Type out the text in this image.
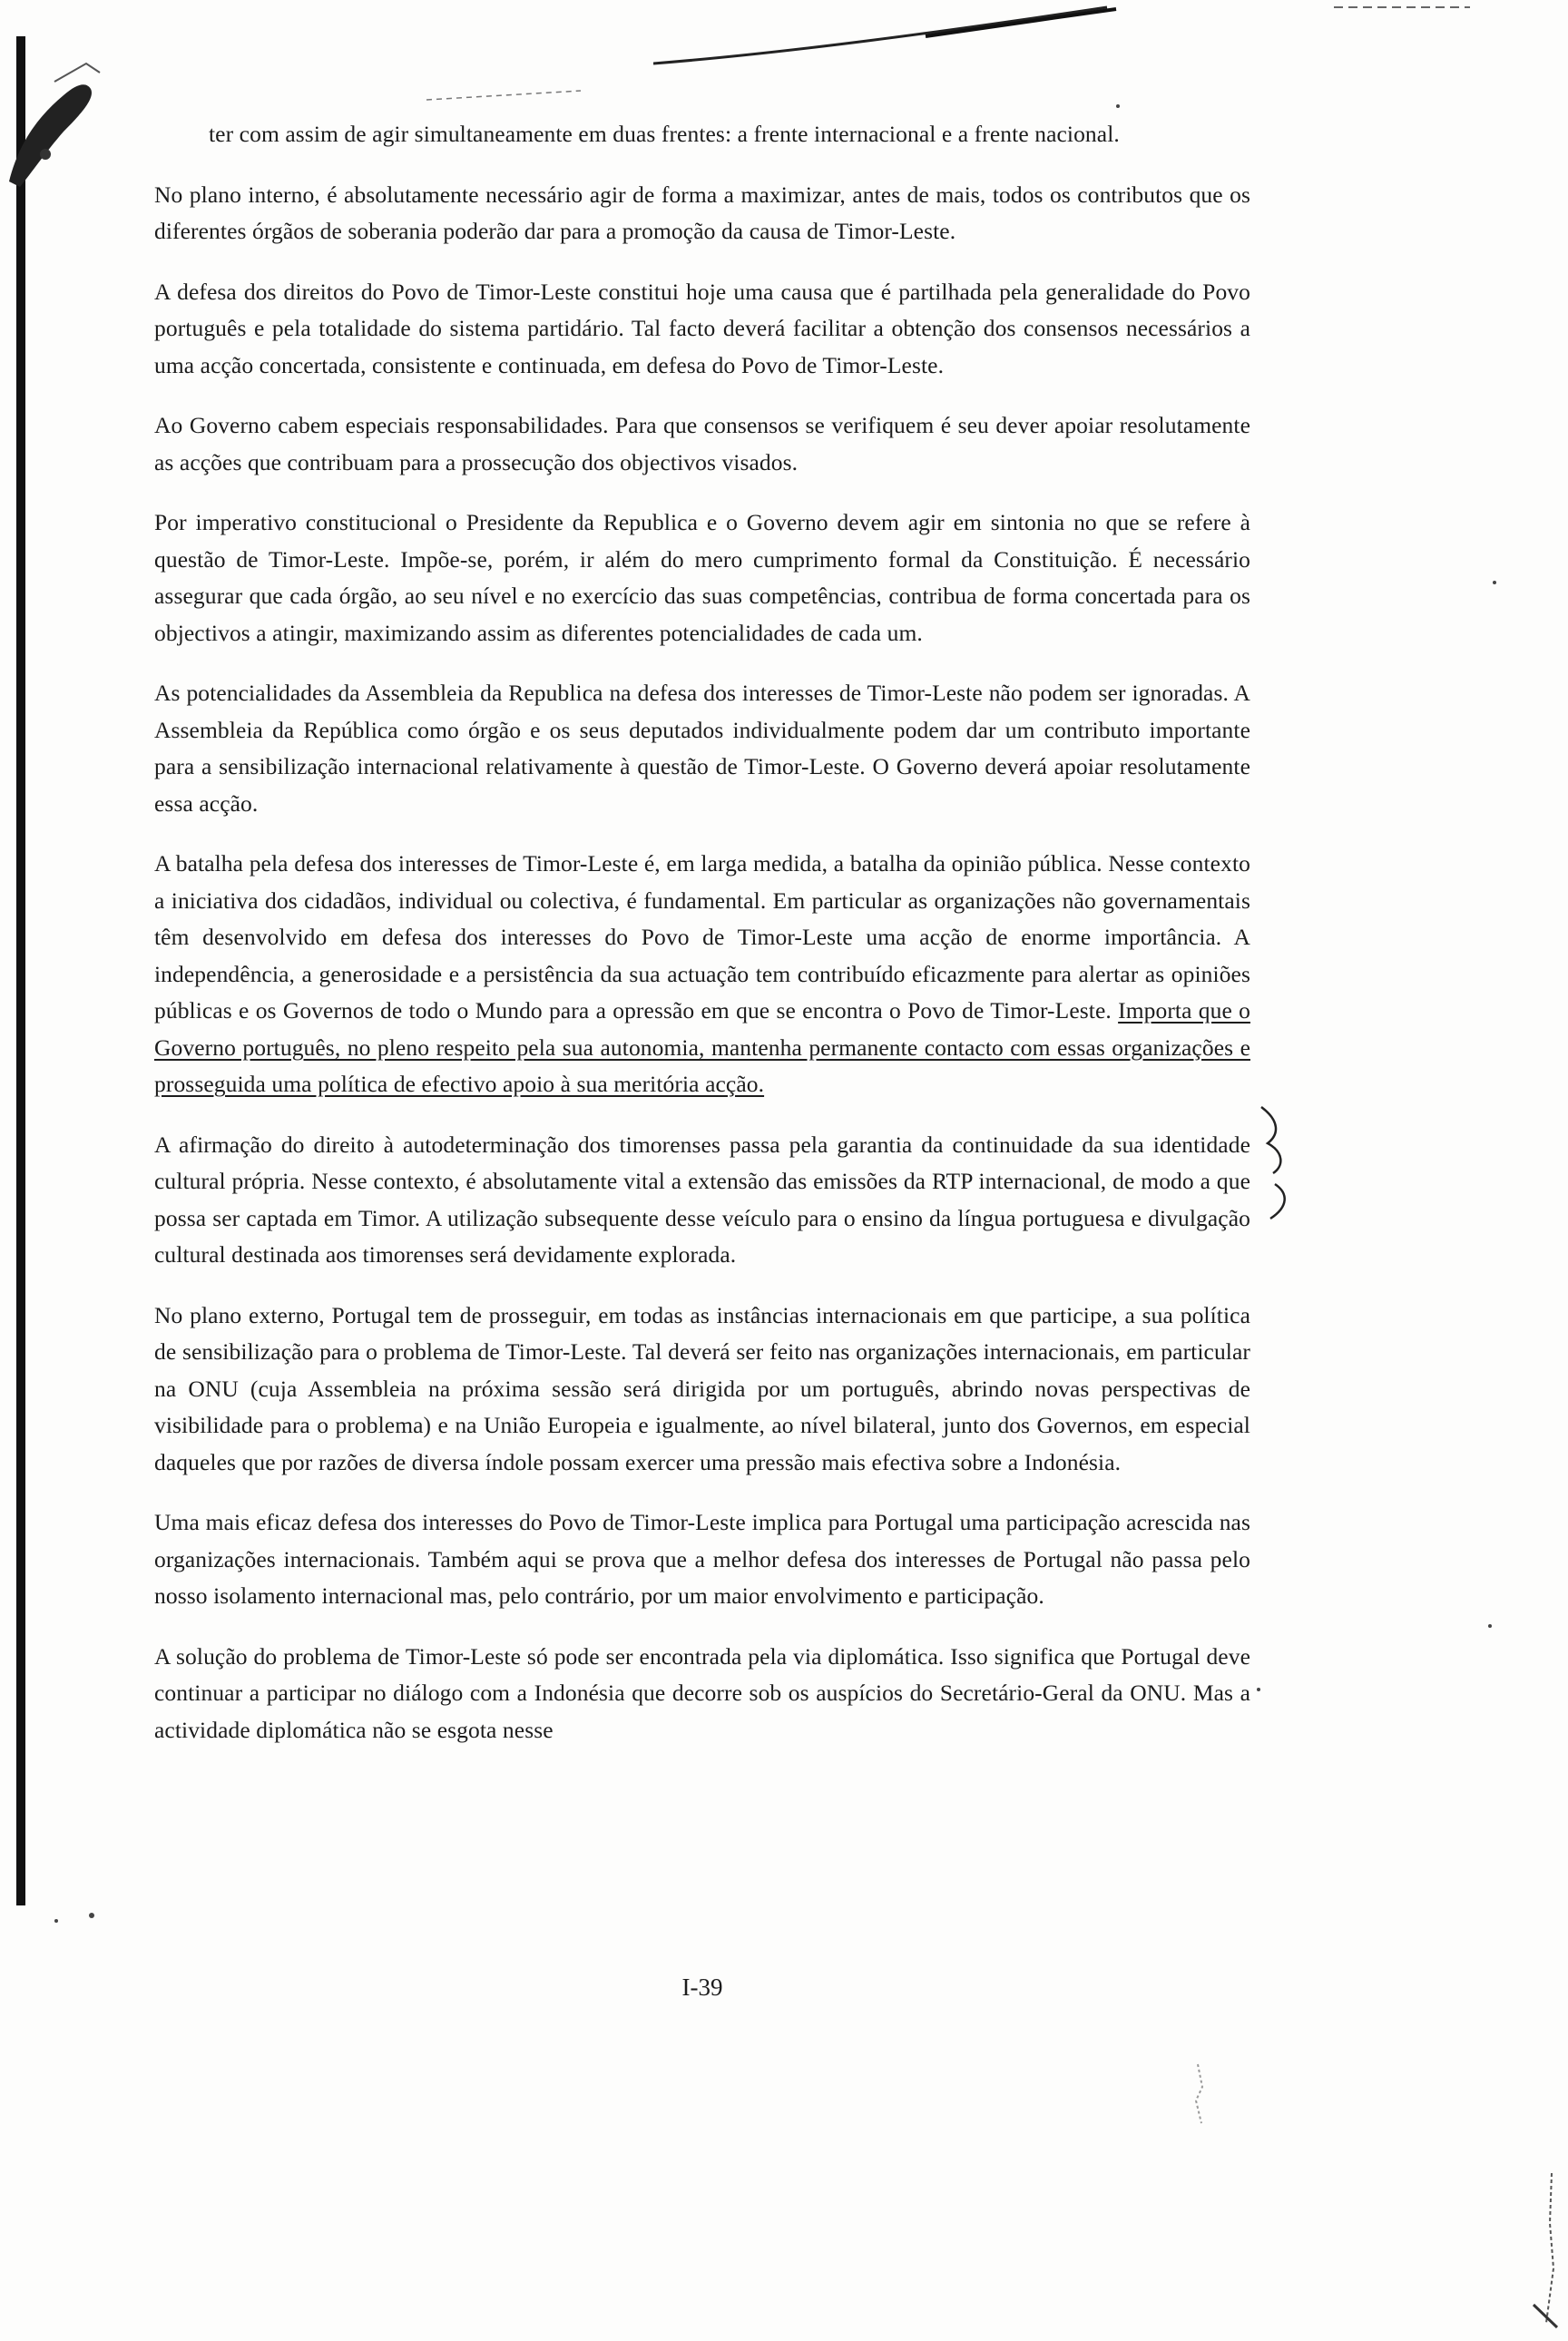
ter com assim de agir simultaneamente em duas frentes: a frente internacional e a frente nacional.

No plano interno, é absolutamente necessário agir de forma a maximizar, antes de mais, todos os contributos que os diferentes órgãos de soberania poderão dar para a promoção da causa de Timor-Leste.

A defesa dos direitos do Povo de Timor-Leste constitui hoje uma causa que é partilhada pela generalidade do Povo português e pela totalidade do sistema partidário. Tal facto deverá facilitar a obtenção dos consensos necessários a uma acção concertada, consistente e continuada, em defesa do Povo de Timor-Leste.

Ao Governo cabem especiais responsabilidades. Para que consensos se verifiquem é seu dever apoiar resolutamente as acções que contribuam para a prossecução dos objectivos visados.

Por imperativo constitucional o Presidente da Republica e o Governo devem agir em sintonia no que se refere à questão de Timor-Leste. Impõe-se, porém, ir além do mero cumprimento formal da Constituição. É necessário assegurar que cada órgão, ao seu nível e no exercício das suas competências, contribua de forma concertada para os objectivos a atingir, maximizando assim as diferentes potencialidades de cada um.

As potencialidades da Assembleia da Republica na defesa dos interesses de Timor-Leste não podem ser ignoradas. A Assembleia da República como órgão e os seus deputados individualmente podem dar um contributo importante para a sensibilização internacional relativamente à questão de Timor-Leste. O Governo deverá apoiar resolutamente essa acção.

A batalha pela defesa dos interesses de Timor-Leste é, em larga medida, a batalha da opinião pública. Nesse contexto a iniciativa dos cidadãos, individual ou colectiva, é fundamental. Em particular as organizações não governamentais têm desenvolvido em defesa dos interesses do Povo de Timor-Leste uma acção de enorme importância. A independência, a generosidade e a persistência da sua actuação tem contribuído eficazmente para alertar as opiniões públicas e os Governos de todo o Mundo para a opressão em que se encontra o Povo de Timor-Leste. Importa que o Governo português, no pleno respeito pela sua autonomia, mantenha permanente contacto com essas organizações e prosseguida uma política de efectivo apoio à sua meritória acção.

A afirmação do direito à autodeterminação dos timorenses passa pela garantia da continuidade da sua identidade cultural própria. Nesse contexto, é absolutamente vital a extensão das emissões da RTP internacional, de modo a que possa ser captada em Timor. A utilização subsequente desse veículo para o ensino da língua portuguesa e divulgação cultural destinada aos timorenses será devidamente explorada.

No plano externo, Portugal tem de prosseguir, em todas as instâncias internacionais em que participe, a sua política de sensibilização para o problema de Timor-Leste. Tal deverá ser feito nas organizações internacionais, em particular na ONU (cuja Assembleia na próxima sessão será dirigida por um português, abrindo novas perspectivas de visibilidade para o problema) e na União Europeia e igualmente, ao nível bilateral, junto dos Governos, em especial daqueles que por razões de diversa índole possam exercer uma pressão mais efectiva sobre a Indonésia.

Uma mais eficaz defesa dos interesses do Povo de Timor-Leste implica para Portugal uma participação acrescida nas organizações internacionais. Também aqui se prova que a melhor defesa dos interesses de Portugal não passa pelo nosso isolamento internacional mas, pelo contrário, por um maior envolvimento e participação.

A solução do problema de Timor-Leste só pode ser encontrada pela via diplomática. Isso significa que Portugal deve continuar a participar no diálogo com a Indonésia que decorre sob os auspícios do Secretário-Geral da ONU. Mas a actividade diplomática não se esgota nesse

I-39
